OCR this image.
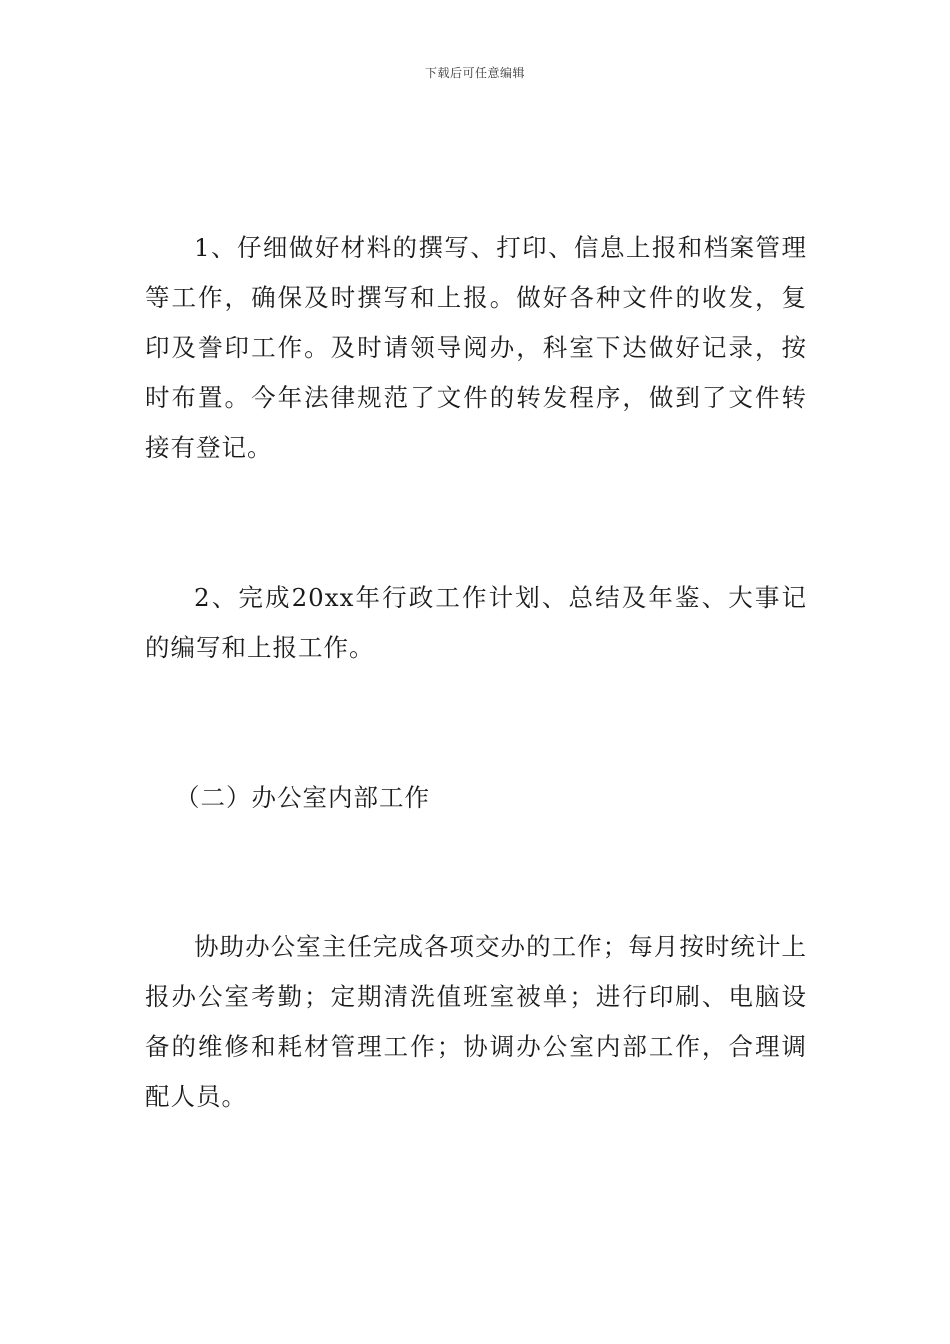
下载后可任意编辑

1、仔细做好材料的撰写、打印、信息上报和档案管理等工作，确保及时撰写和上报。做好各种文件的收发，复印及誊印工作。及时请领导阅办，科室下达做好记录，按时布置。今年法律规范了文件的转发程序，做到了文件转接有登记。

2、完成20xx年行政工作计划、总结及年鉴、大事记的编写和上报工作。

（二）办公室内部工作

协助办公室主任完成各项交办的工作；每月按时统计上报办公室考勤；定期清洗值班室被单；进行印刷、电脑设备的维修和耗材管理工作；协调办公室内部工作，合理调配人员。
